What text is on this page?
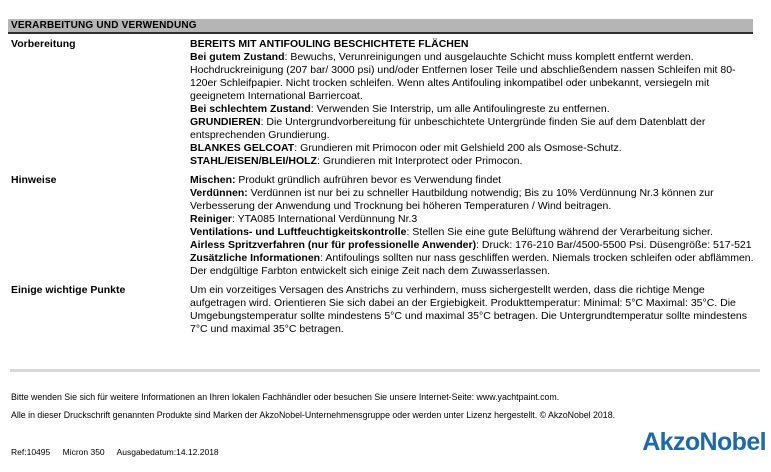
VERARBEITUNG UND VERWENDUNG
Vorbereitung	BEREITS MIT ANTIFOULING BESCHICHTETE FLÄCHEN

Bei gutem Zustand: Bewuchs, Verunreinigungen und ausgelauchte Schicht muss komplett entfernt werden. Hochdruckreinigung (207 bar/ 3000 psi) und/oder Entfernen loser Teile und abschließendem nassen Schleifen mit 80-120er Schleifpapier. Nicht trocken schleifen. Wenn altes Antifouling inkompatibel oder unbekannt, versiegeln mit geeignetem International Barriercoat.

Bei schlechtem Zustand: Verwenden Sie Interstrip, um alle Antifoulingreste zu entfernen.

GRUNDIEREN: Die Untergrundvorbereitung für unbeschichtete Untergründe finden Sie auf dem Datenblatt der entsprechenden Grundierung.

BLANKES GELCOAT: Grundieren mit Primocon oder mit Gelshield 200 als Osmose-Schutz.

STAHL/EISEN/BLEI/HOLZ: Grundieren mit Interprotect oder Primocon.

Hinweise	Mischen: Produkt gründlich aufrühren bevor es Verwendung findet

Verdünnen: Verdünnen ist nur bei zu schneller Hautbildung notwendig; Bis zu 10% Verdünnung Nr.3 können zur Verbesserung der Anwendung und Trocknung bei höheren Temperaturen / Wind beitragen.

Reiniger: YTA085 International Verdünnung Nr.3

Ventilations- und Luftfeuchtigkeitskontrolle: Stellen Sie eine gute Belüftung während der Verarbeitung sicher.

Airless Spritzverfahren (nur für professionelle Anwender): Druck: 176-210 Bar/4500-5500 Psi. Düsengröße: 517-521

Zusätzliche Informationen: Antifoulings sollten nur nass geschliffen werden. Niemals trocken schleifen oder abflämmen. Der endgültige Farbton entwickelt sich einige Zeit nach dem Zuwasserlassen.

Einige wichtige Punkte	Um ein vorzeitiges Versagen des Anstrichs zu verhindern, muss sichergestellt werden, dass die richtige Menge aufgetragen wird. Orientieren Sie sich dabei an der Ergiebigkeit. Produkttemperatur: Minimal: 5°C Maximal: 35°C. Die Umgebungstemperatur sollte mindestens 5°C und maximal 35°C betragen. Die Untergrundtemperatur sollte mindestens 7°C und maximal 35°C betragen.

Bitte wenden Sie sich für weitere Informationen an Ihren lokalen Fachhändler oder besuchen Sie unsere Internet-Seite: www.yachtpaint.com.
Alle in dieser Druckschrift genannten Produkte sind Marken der AkzoNobel-Unternehmensgruppe oder werden unter Lizenz hergestellt. © AkzoNobel 2018.
Ref:10495 Micron 350 Ausgabedatum:14.12.2018	AkzoNobel
